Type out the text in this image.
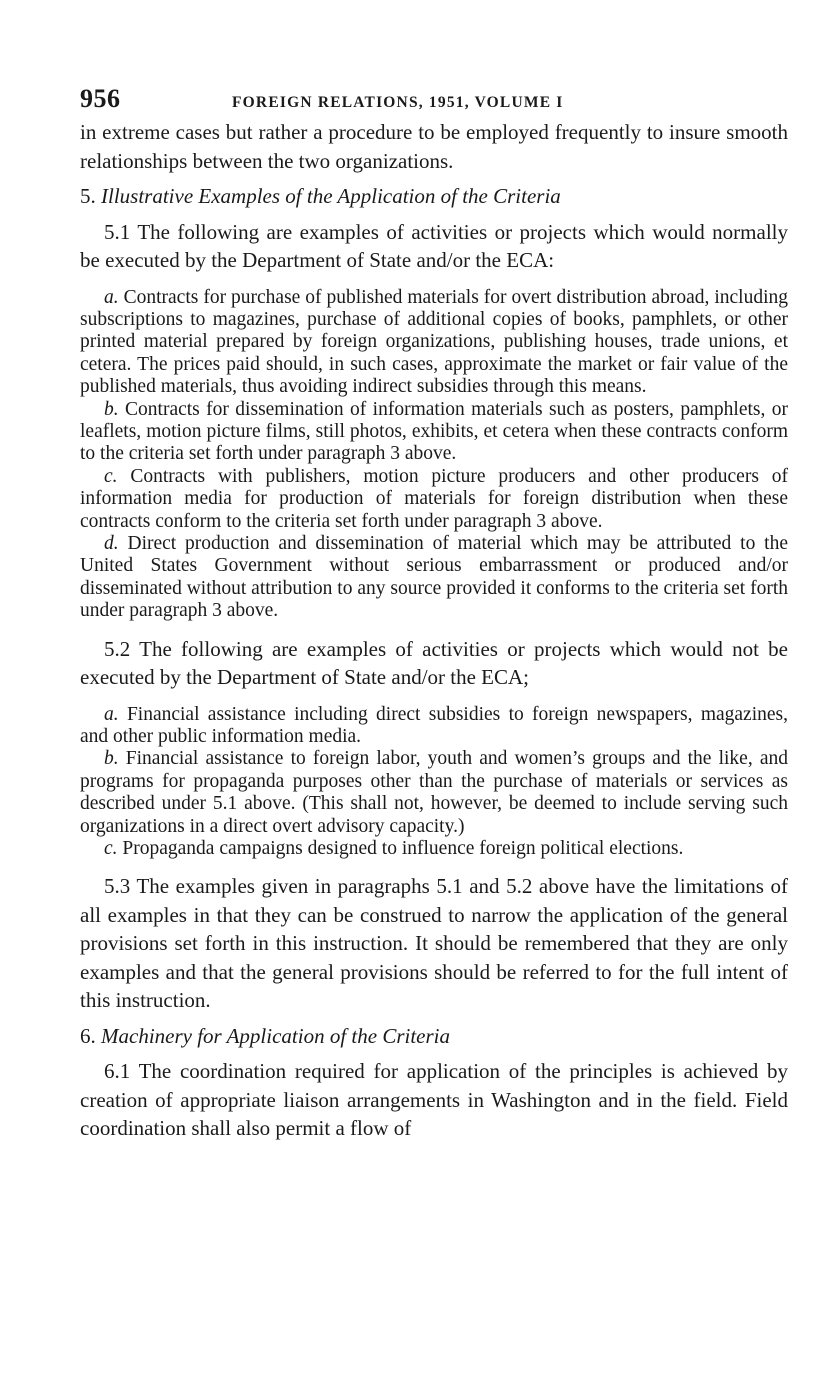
956	FOREIGN RELATIONS, 1951, VOLUME I

in extreme cases but rather a procedure to be employed frequently to insure smooth relationships between the two organizations.

5. Illustrative Examples of the Application of the Criteria

5.1 The following are examples of activities or projects which would normally be executed by the Department of State and/or the ECA:

a. Contracts for purchase of published materials for overt distribution abroad, including subscriptions to magazines, purchase of additional copies of books, pamphlets, or other printed material prepared by foreign organizations, publishing houses, trade unions, et cetera. The prices paid should, in such cases, approximate the market or fair value of the published materials, thus avoiding indirect subsidies through this means.

b. Contracts for dissemination of information materials such as posters, pamphlets, or leaflets, motion picture films, still photos, exhibits, et cetera when these contracts conform to the criteria set forth under paragraph 3 above.

c. Contracts with publishers, motion picture producers and other producers of information media for production of materials for foreign distribution when these contracts conform to the criteria set forth under paragraph 3 above.

d. Direct production and dissemination of material which may be attributed to the United States Government without serious embarrassment or produced and/or disseminated without attribution to any source provided it conforms to the criteria set forth under paragraph 3 above.

5.2 The following are examples of activities or projects which would not be executed by the Department of State and/or the ECA;

a. Financial assistance including direct subsidies to foreign newspapers, magazines, and other public information media.

b. Financial assistance to foreign labor, youth and women’s groups and the like, and programs for propaganda purposes other than the purchase of materials or services as described under 5.1 above. (This shall not, however, be deemed to include serving such organizations in a direct overt advisory capacity.)

c. Propaganda campaigns designed to influence foreign political elections.

5.3 The examples given in paragraphs 5.1 and 5.2 above have the limitations of all examples in that they can be construed to narrow the application of the general provisions set forth in this instruction. It should be remembered that they are only examples and that the general provisions should be referred to for the full intent of this instruction.

6. Machinery for Application of the Criteria

6.1 The coordination required for application of the principles is achieved by creation of appropriate liaison arrangements in Washington and in the field. Field coordination shall also permit a flow of
